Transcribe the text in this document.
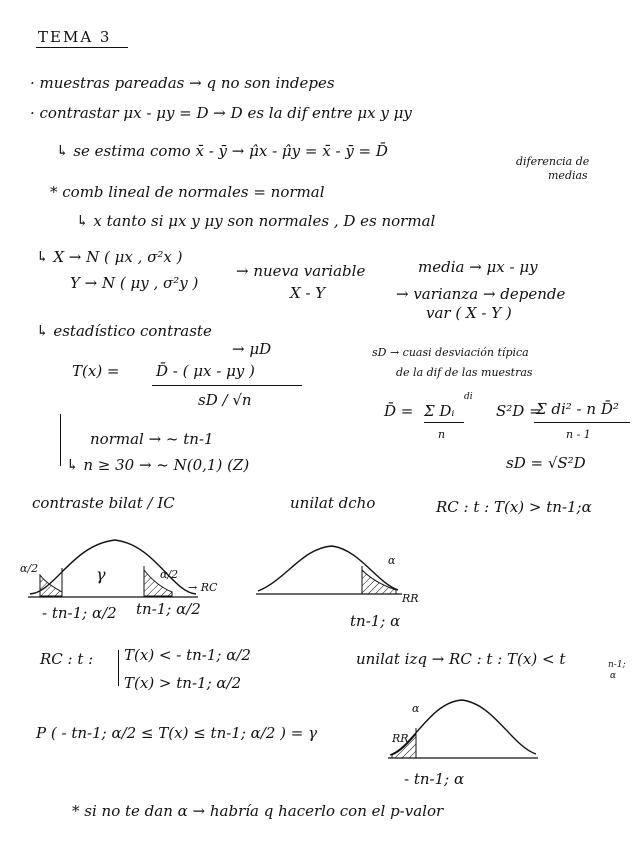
TEMA 3
· muestras pareadas → q no son indepes
· contrastar μx - μy = D → D es la dif entre μx y μy
↳ se estima como x̄ - ȳ → μ̂x - μ̂y = x̄ - ȳ = D̄
diferencia de
medias
* comb lineal de normales = normal
↳ x tanto si μx y μy son normales , D es normal
↳ X → N ( μx , σ²x )
Y → N ( μy , σ²y )
→ nueva variable
X - Y
media → μx - μy
→ varianza → depende
var ( X - Y )
↳ estadístico contraste
→ μD
T(x) = D̄ - ( μx - μy )
sD / √n
sD → cuasi desviación típica
de la dif de las muestras
D̄ = Σ Dᵢ
di
n
S²D =
Σ di² - n D̄²
n - 1
sD = √S²D
normal → ~ tn-1
↳ n ≥ 30 → ~ N(0,1) (Z)
contraste bilat / IC	unilat dcho	RC : t : T(x) > tn-1;α
α/2	γ	α/2
→ RC
- tn-1; α/2 tn-1; α/2
α
RR
tn-1; α
RC : t : T(x) < - tn-1; α/2
T(x) > tn-1; α/2
unilat izq → RC : t : T(x) < t	n-1;
α
α
RR
- tn-1; α
P ( - tn-1; α/2 ≤ T(x) ≤ tn-1; α/2 ) = γ
* si no te dan α → habría q hacerlo con el p-valor
